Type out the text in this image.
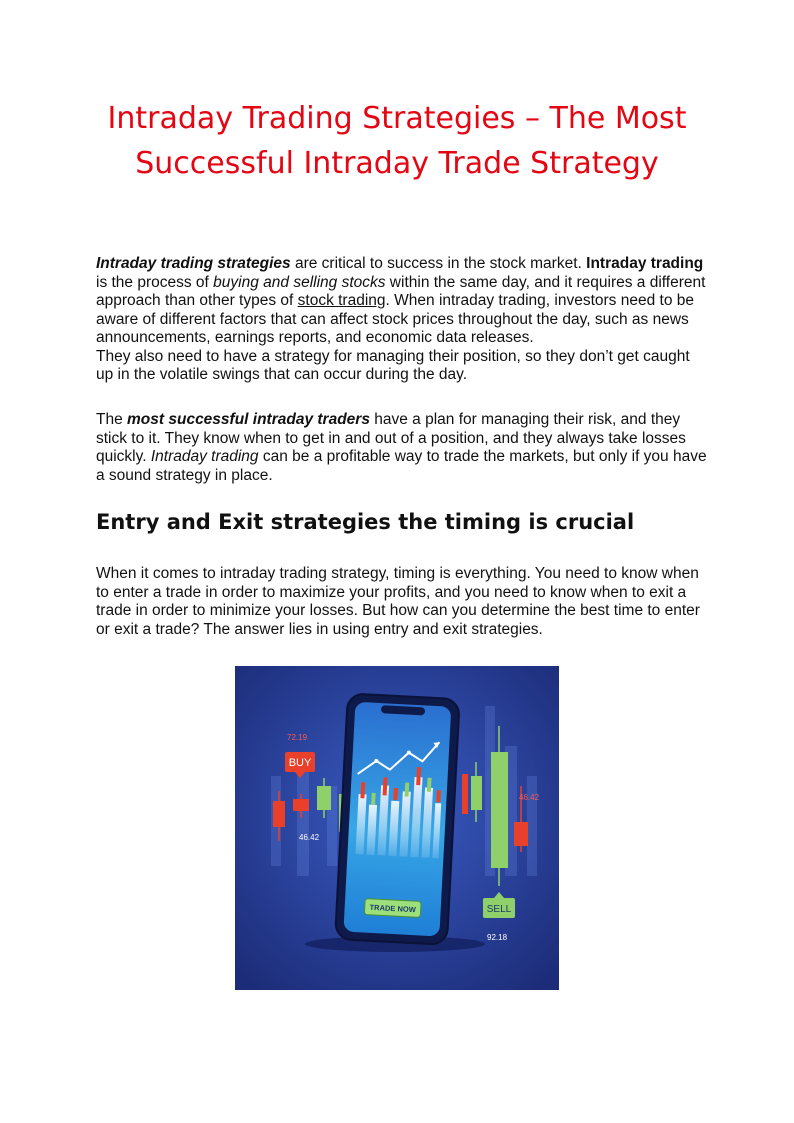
Intraday Trading Strategies – The Most Successful Intraday Trade Strategy

Intraday trading strategies are critical to success in the stock market. Intraday trading is the process of buying and selling stocks within the same day, and it requires a different approach than other types of stock trading. When intraday trading, investors need to be aware of different factors that can affect stock prices throughout the day, such as news announcements, earnings reports, and economic data releases.
They also need to have a strategy for managing their position, so they don’t get caught up in the volatile swings that can occur during the day.

The most successful intraday traders have a plan for managing their risk, and they stick to it. They know when to get in and out of a position, and they always take losses quickly. Intraday trading can be a profitable way to trade the markets, but only if you have a sound strategy in place.

Entry and Exit strategies the timing is crucial

When it comes to intraday trading strategy, timing is everything. You need to know when to enter a trade in order to maximize your profits, and you need to know when to exit a trade in order to minimize your losses. But how can you determine the best time to enter or exit a trade? The answer lies in using entry and exit strategies.

BUY
72.19
46.42
TRADE NOW
46.42
SELL
92.18
